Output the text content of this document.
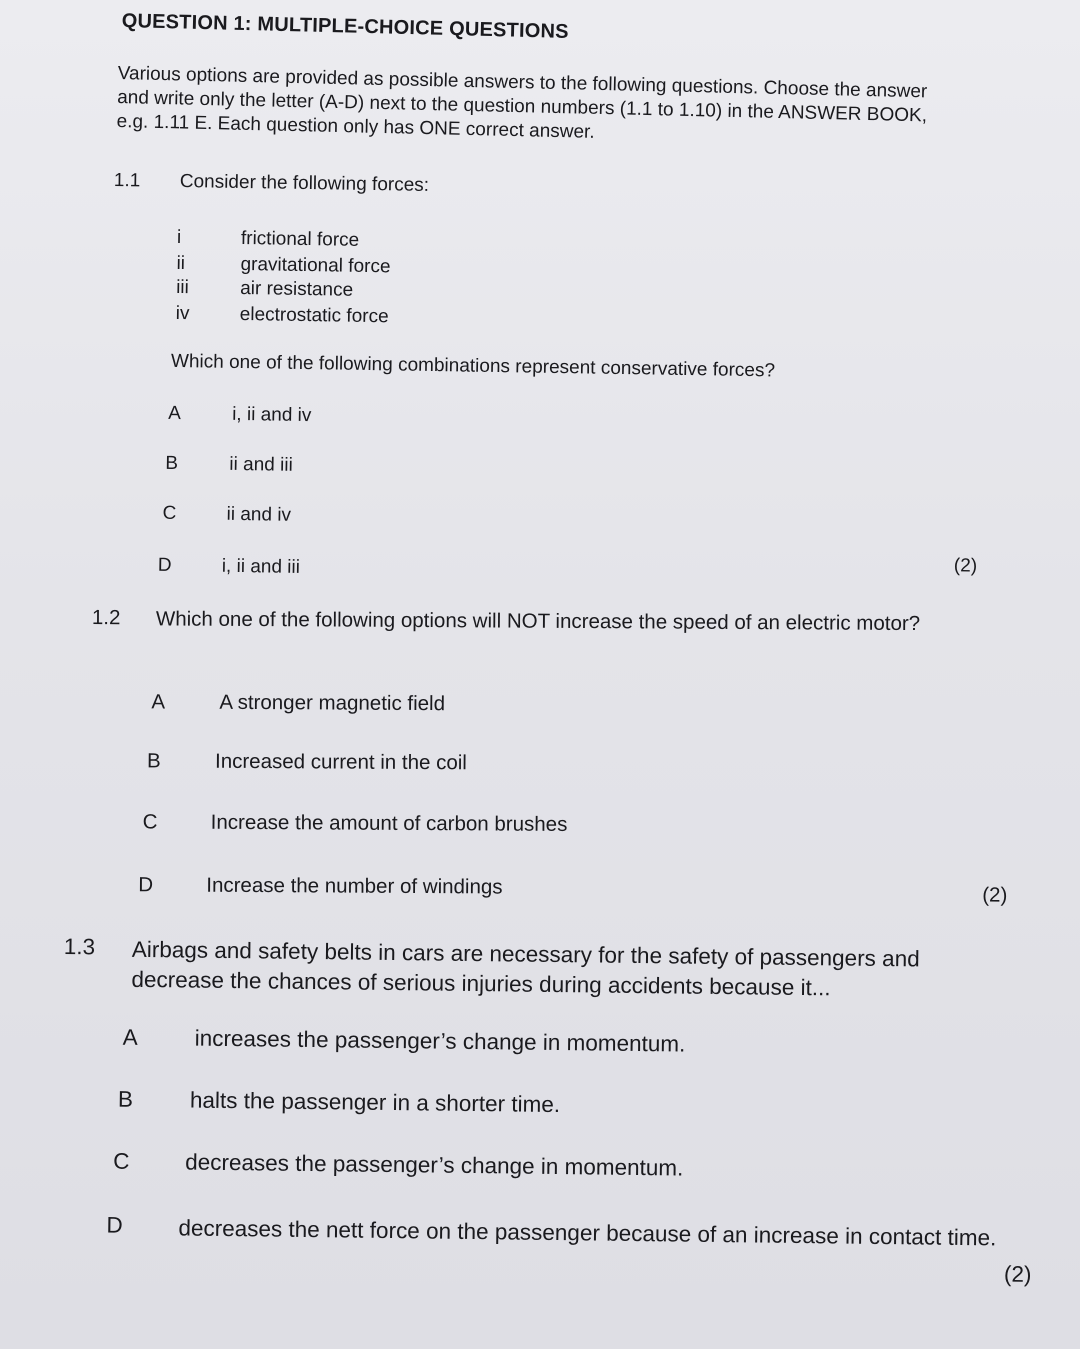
QUESTION 1: MULTIPLE-CHOICE QUESTIONS

Various options are provided as possible answers to the following questions. Choose the answer and write only the letter (A-D) next to the question numbers (1.1 to 1.10) in the ANSWER BOOK, e.g. 1.11 E. Each question only has ONE correct answer.

1.1 Consider the following forces:
i	frictional force
ii	gravitational force
iii	air resistance
iv	electrostatic force
Which one of the following combinations represent conservative forces?
A	i, ii and iv
B	ii and iii
C	ii and iv
D	i, ii and iii	(2)
1.2 Which one of the following options will NOT increase the speed of an electric motor?
A	A stronger magnetic field
B	Increased current in the coil
C	Increase the amount of carbon brushes
D	Increase the number of windings	(2)
1.3 Airbags and safety belts in cars are necessary for the safety of passengers and decrease the chances of serious injuries during accidents because it...
A	increases the passenger’s change in momentum.
B	halts the passenger in a shorter time.
C decreases the passenger’s change in momentum.
D decreases the nett force on the passenger because of an increase in contact time.
(2)
